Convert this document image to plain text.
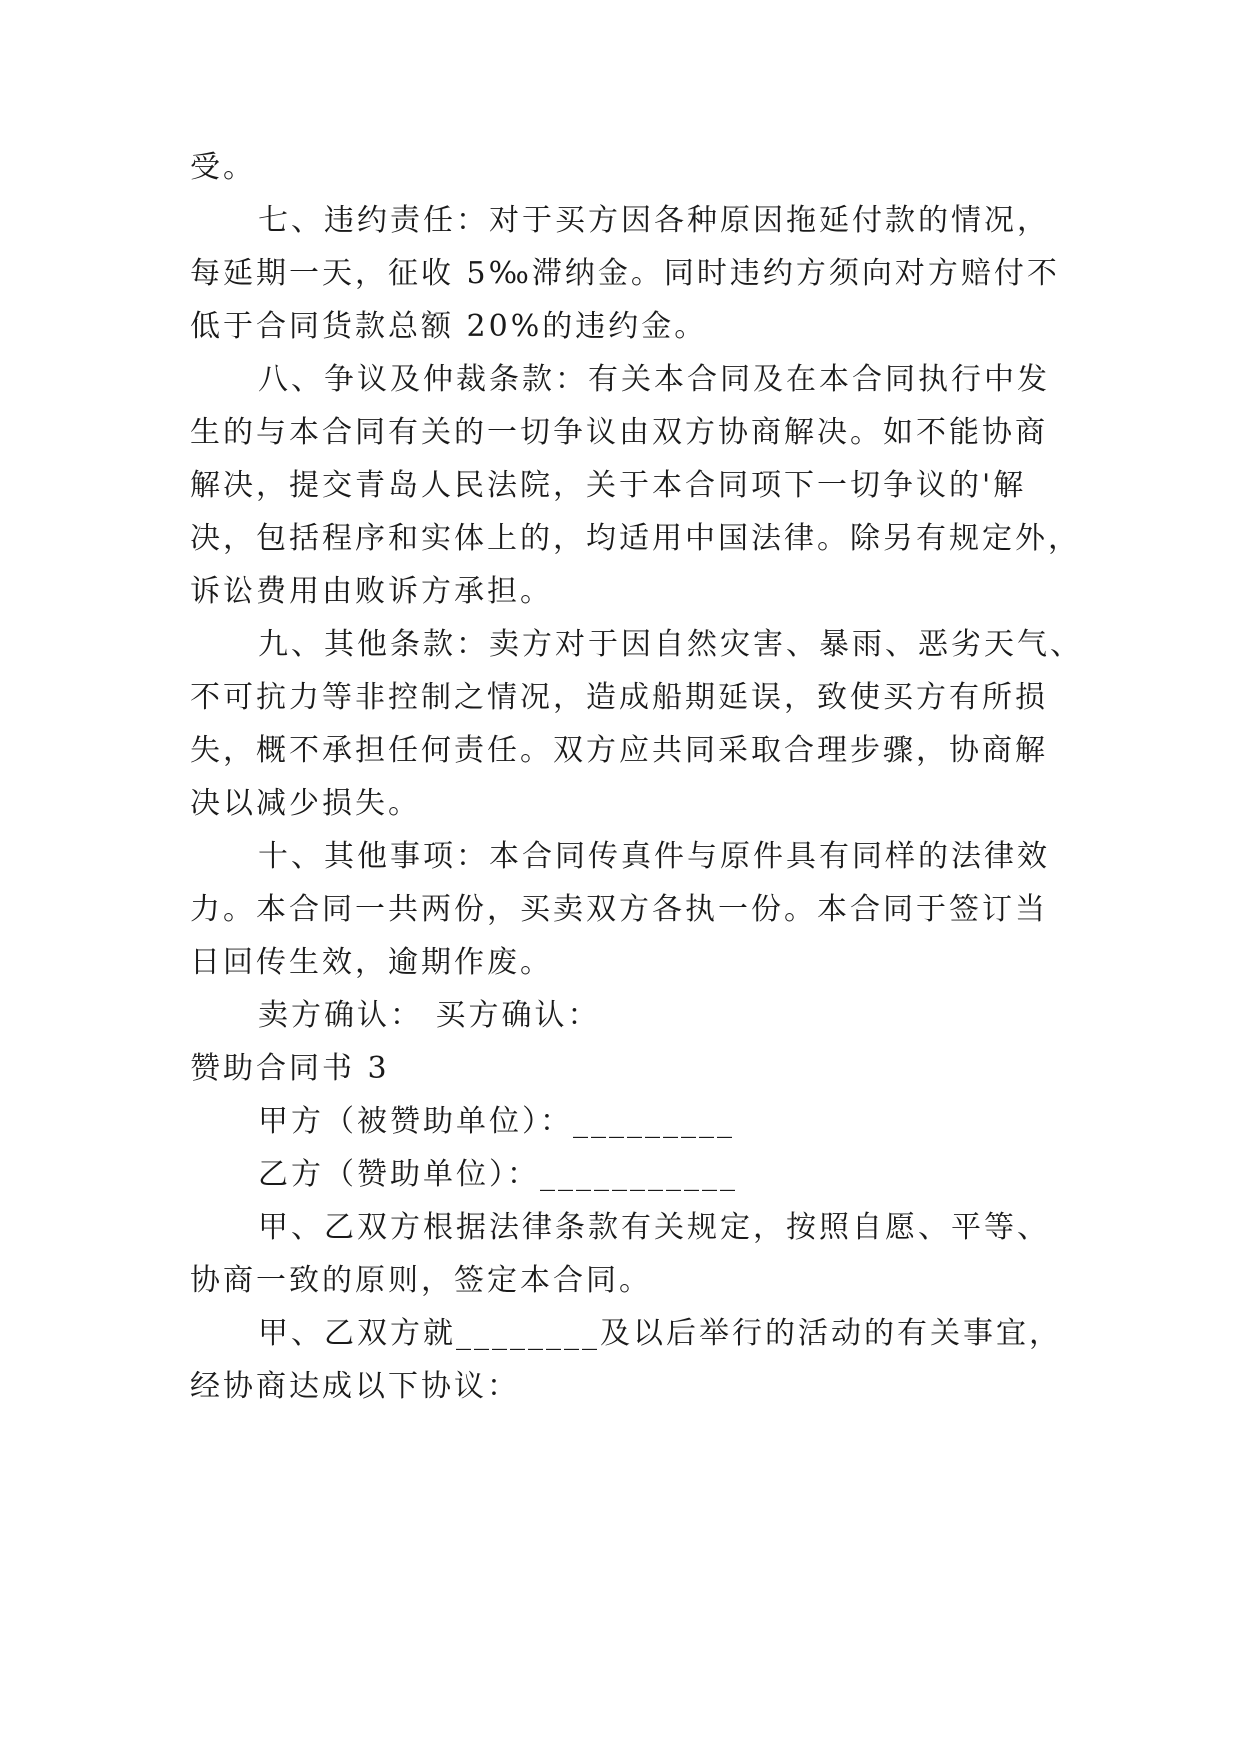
受。
七、违约责任：对于买方因各种原因拖延付款的情况，
每延期一天，征收 5‰滞纳金。同时违约方须向对方赔付不
低于合同货款总额 20%的违约金。
八、争议及仲裁条款：有关本合同及在本合同执行中发
生的与本合同有关的一切争议由双方协商解决。如不能协商
解决，提交青岛人民法院，关于本合同项下一切争议的'解
决，包括程序和实体上的，均适用中国法律。除另有规定外，
诉讼费用由败诉方承担。
九、其他条款：卖方对于因自然灾害、暴雨、恶劣天气、
不可抗力等非控制之情况，造成船期延误，致使买方有所损
失，概不承担任何责任。双方应共同采取合理步骤，协商解
决以减少损失。
十、其他事项：本合同传真件与原件具有同样的法律效
力。本合同一共两份，买卖双方各执一份。本合同于签订当
日回传生效，逾期作废。
卖方确认： 买方确认：
赞助合同书 3
甲方（被赞助单位）：_________
乙方（赞助单位）：___________
甲、乙双方根据法律条款有关规定，按照自愿、平等、
协商一致的原则，签定本合同。
甲、乙双方就________及以后举行的活动的有关事宜，
经协商达成以下协议：
